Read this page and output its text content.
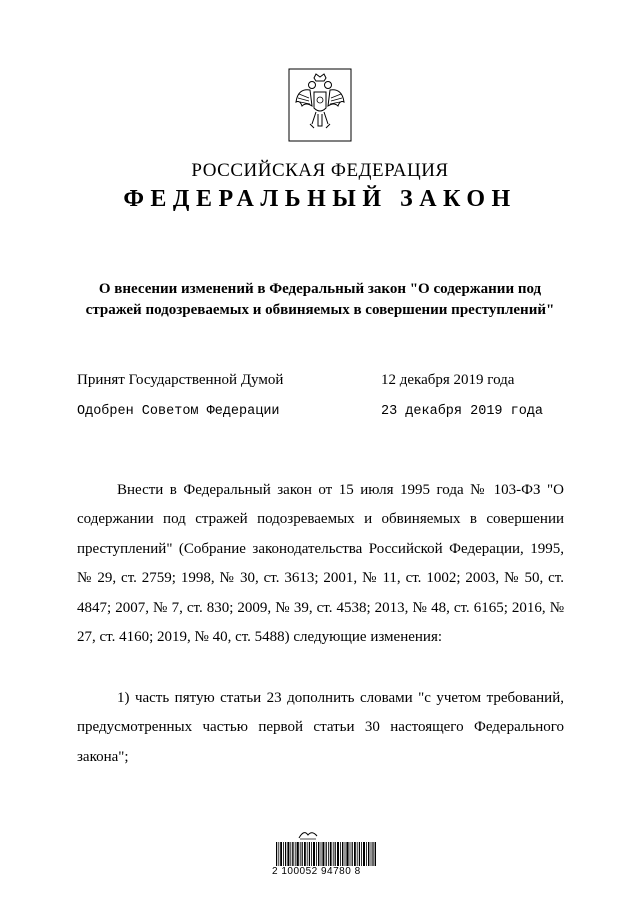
РОССИЙСКАЯ ФЕДЕРАЦИЯ
ФЕДЕРАЛЬНЫЙ ЗАКОН
О внесении изменений в Федеральный закон "О содержании под
стражей подозреваемых и обвиняемых в совершении преступлений"
Принят Государственной Думой	12 декабря 2019 года
Одобрен Советом Федерации	23 декабря 2019 года

Внести в Федеральный закон от 15 июля 1995 года № 103-ФЗ "О содержании под стражей подозреваемых и обвиняемых в совершении преступлений" (Собрание законодательства Российской Федерации, 1995, № 29, ст. 2759; 1998, № 30, ст. 3613; 2001, № 11, ст. 1002; 2003, № 50, ст. 4847; 2007, № 7, ст. 830; 2009, № 39, ст. 4538; 2013, № 48, ст. 6165; 2016, № 27, ст. 4160; 2019, № 40, ст. 5488) следующие изменения:

1) часть пятую статьи 23 дополнить словами "с учетом требований, предусмотренных частью первой статьи 30 настоящего Федерального закона";

2 100052 94780 8
